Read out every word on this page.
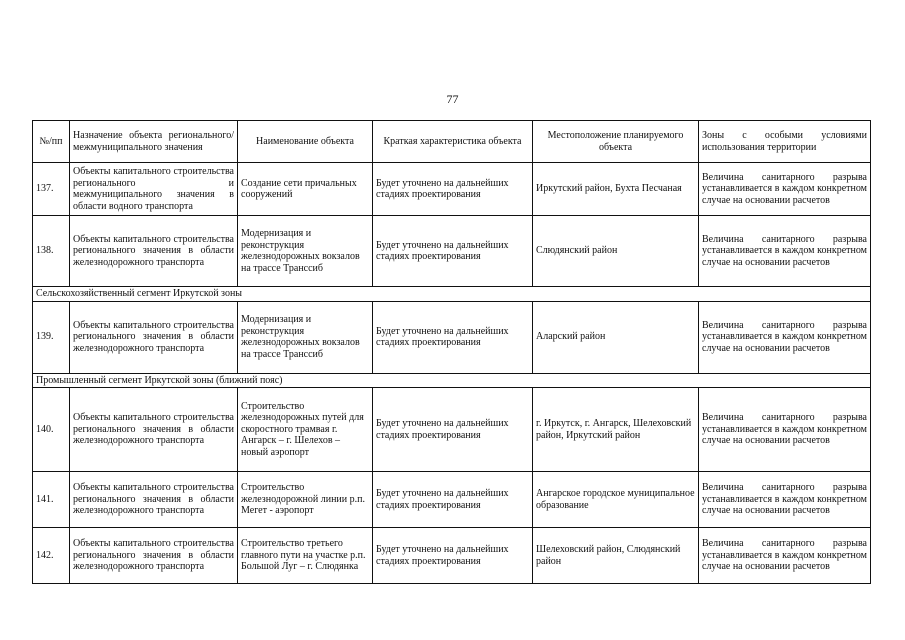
77
№/пп	Назначение объекта регионального/ межмуниципального значения	Наименование объекта	Краткая характеристика объекта	Местоположение планируемого объекта	Зоны с особыми условиями использования территории
137.	Объекты капитального строительства регионального и межмуниципального значения в области водного транспорта	Создание сети причальных сооружений	Будет уточнено на дальнейших стадиях проектирования	Иркутский район, Бухта Песчаная	Величина санитарного разрыва устанавливается в каждом конкретном случае на основании расчетов
138.	Объекты капитального строительства регионального значения в области железнодорожного транспорта	Модернизация и реконструкция железнодорожных вокзалов на трассе Транссиб	Будет уточнено на дальнейших стадиях проектирования	Слюдянский район	Величина санитарного разрыва устанавливается в каждом конкретном случае на основании расчетов
Сельскохозяйственный сегмент Иркутской зоны					
139.	Объекты капитального строительства регионального значения в области железнодорожного транспорта	Модернизация и реконструкция железнодорожных вокзалов на трассе Транссиб	Будет уточнено на дальнейших стадиях проектирования	Аларский район	Величина санитарного разрыва устанавливается в каждом конкретном случае на основании расчетов
Промышленный сегмент Иркутской зоны (ближний пояс)					
140.	Объекты капитального строительства регионального значения в области железнодорожного транспорта	Строительство железнодорожных путей для скоростного трамвая г. Ангарск – г. Шелехов – новый аэропорт	Будет уточнено на дальнейших стадиях проектирования	г. Иркутск, г. Ангарск, Шелеховский район, Иркутский район	Величина санитарного разрыва устанавливается в каждом конкретном случае на основании расчетов
141.	Объекты капитального строительства регионального значения в области железнодорожного транспорта	Строительство железнодорожной линии р.п. Мегет - аэропорт	Будет уточнено на дальнейших стадиях проектирования	Ангарское городское муниципальное образование	Величина санитарного разрыва устанавливается в каждом конкретном случае на основании расчетов
142.	Объекты капитального строительства регионального значения в области железнодорожного транспорта	Строительство третьего главного пути на участке р.п. Большой Луг – г. Слюдянка	Будет уточнено на дальнейших стадиях проектирования	Шелеховский район, Слюдянский район	Величина санитарного разрыва устанавливается в каждом конкретном случае на основании расчетов
